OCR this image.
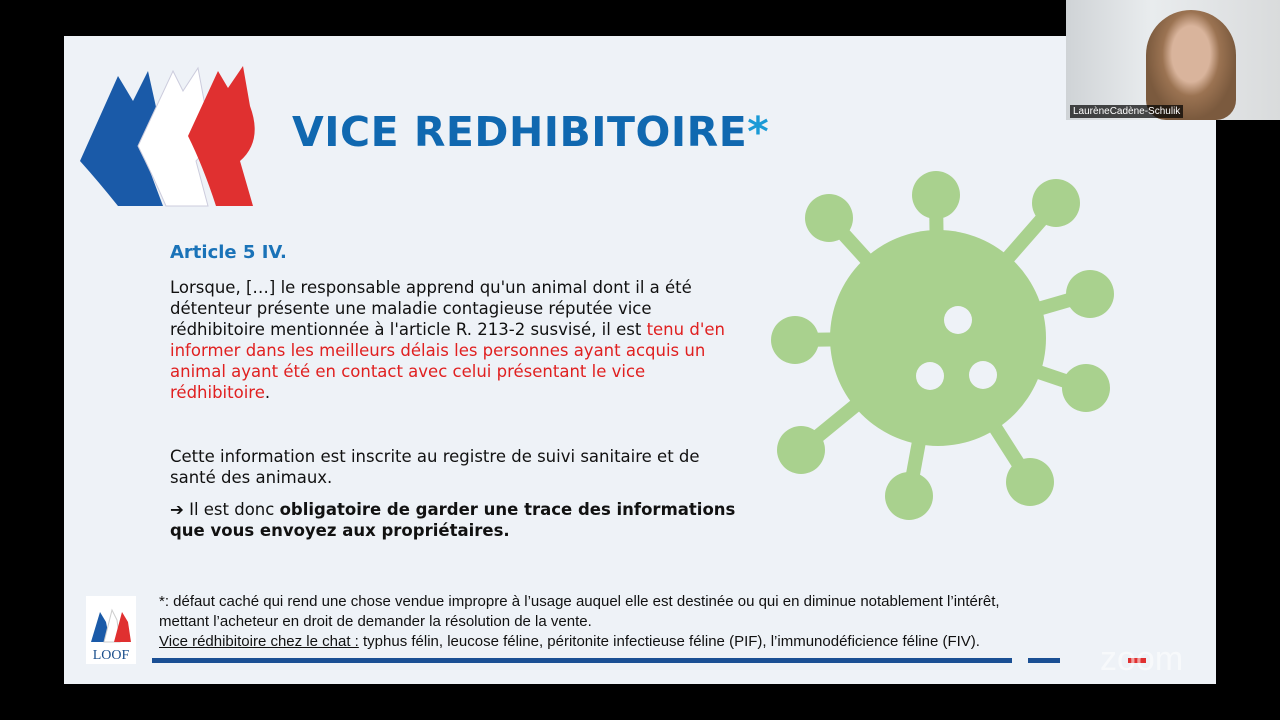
VICE REDHIBITOIRE*
Article 5 IV.
Lorsque, […] le responsable apprend qu'un animal dont il a été détenteur présente une maladie contagieuse réputée vice rédhibitoire mentionnée à l'article R. 213-2 susvisé, il est tenu d'en informer dans les meilleurs délais les personnes ayant acquis un animal ayant été en contact avec celui présentant le vice rédhibitoire.
Cette information est inscrite au registre de suivi sanitaire et de santé des animaux.
➔ Il est donc obligatoire de garder une trace des informations que vous envoyez aux propriétaires.
LOOF
*: défaut caché qui rend une chose vendue impropre à l’usage auquel elle est destinée ou qui en diminue notablement l’intérêt,
mettant l’acheteur en droit de demander la résolution de la vente.
Vice rédhibitoire chez le chat : typhus félin, leucose féline, péritonite infectieuse féline (PIF), l’immunodéficience féline (FIV).	zoom
LaurèneCadène-Schulik
